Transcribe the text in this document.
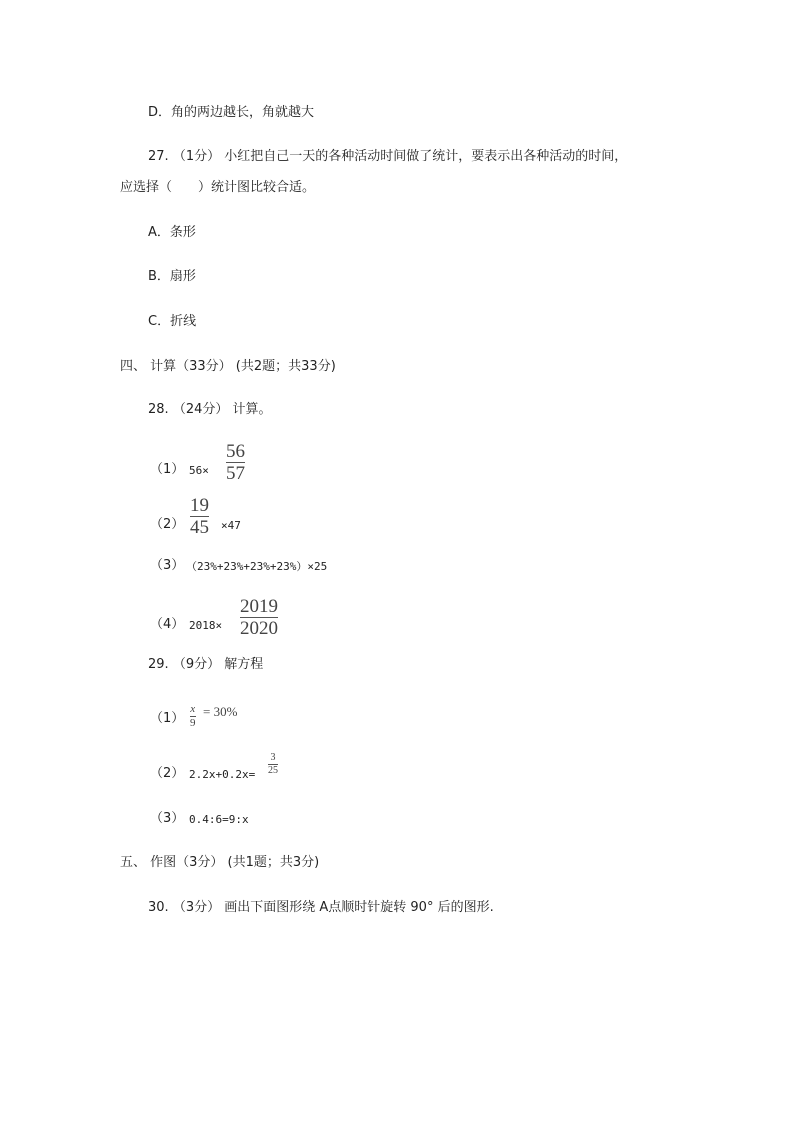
D．角的两边越长，角就越大
27. （1分） 小红把自己一天的各种活动时间做了统计，要表示出各种活动的时间，
应选择（　　）统计图比较合适。
A．条形
B．扇形
C．折线
四、 计算（33分） (共2题；共33分)
28. （24分） 计算。
（1） 56×
56
57
（2）
19
45 ×47
（3） （23%+23%+23%+23%）×25
（4） 2018×
2019
2020
29. （9分） 解方程
（1）
x
9
= 30%
（2） 2.2x+0.2x=
3
25
（3） 0.4:6=9:x
五、 作图（3分） (共1题；共3分)
30. （3分） 画出下面图形绕 A点顺时针旋转 90° 后的图形.
